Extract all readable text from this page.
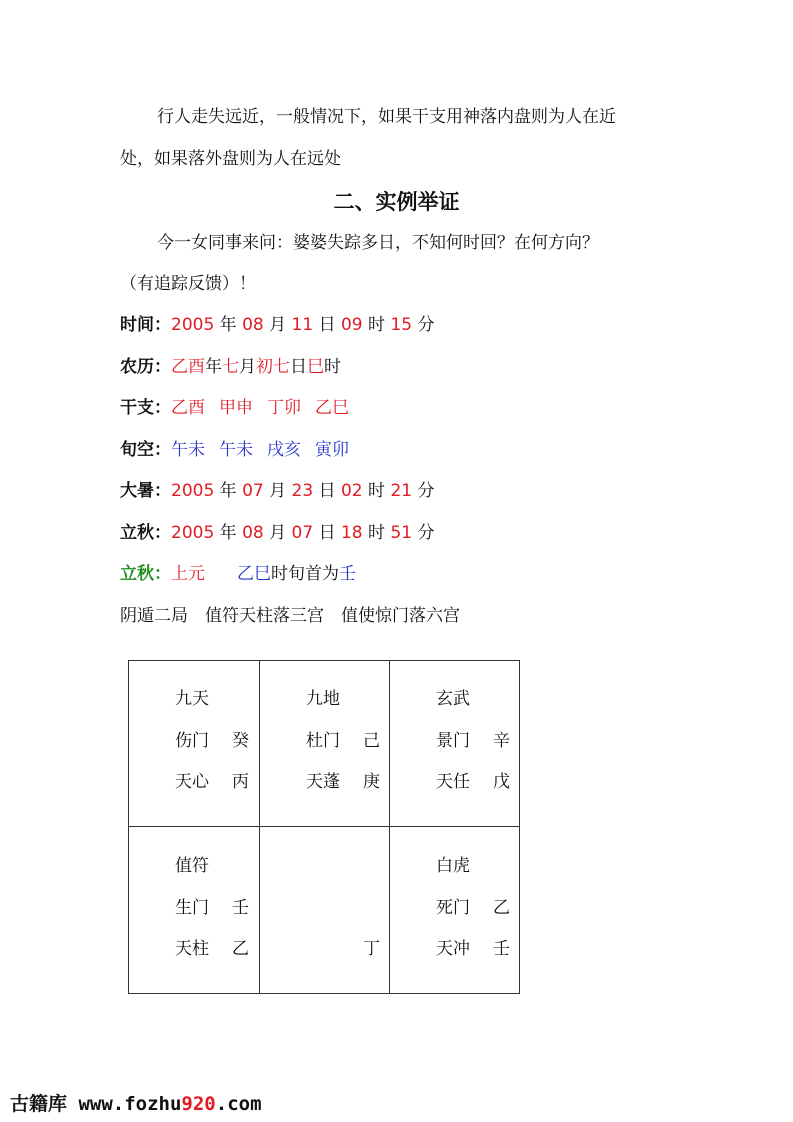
行人走失远近，一般情况下，如果干支用神落内盘则为人在近
处，如果落外盘则为人在远处
二、实例举证
今一女同事来问：婆婆失踪多日，不知何时回？在何方向？
（有追踪反馈）！
时间：2005 年 08 月 11 日 09 时 15 分
农历：乙酉年七月初七日巳时
干支：乙酉 甲申 丁卯 乙巳
旬空：午未 午未 戌亥 寅卯
大暑：2005 年 07 月 23 日 02 时 21 分
立秋：2005 年 08 月 07 日 18 时 51 分
立秋：上元 乙巳时旬首为壬
阴遁二局　值符天柱落三宫　值使惊门落六宫
九天
伤门 癸
天心 丙
九地
杜门 己
天蓬 庚
玄武
景门 辛
天任 戊
值符
生门 壬
天柱 乙	丁
白虎
死门 乙
天冲 壬
古籍库 www.fozhu920.com
